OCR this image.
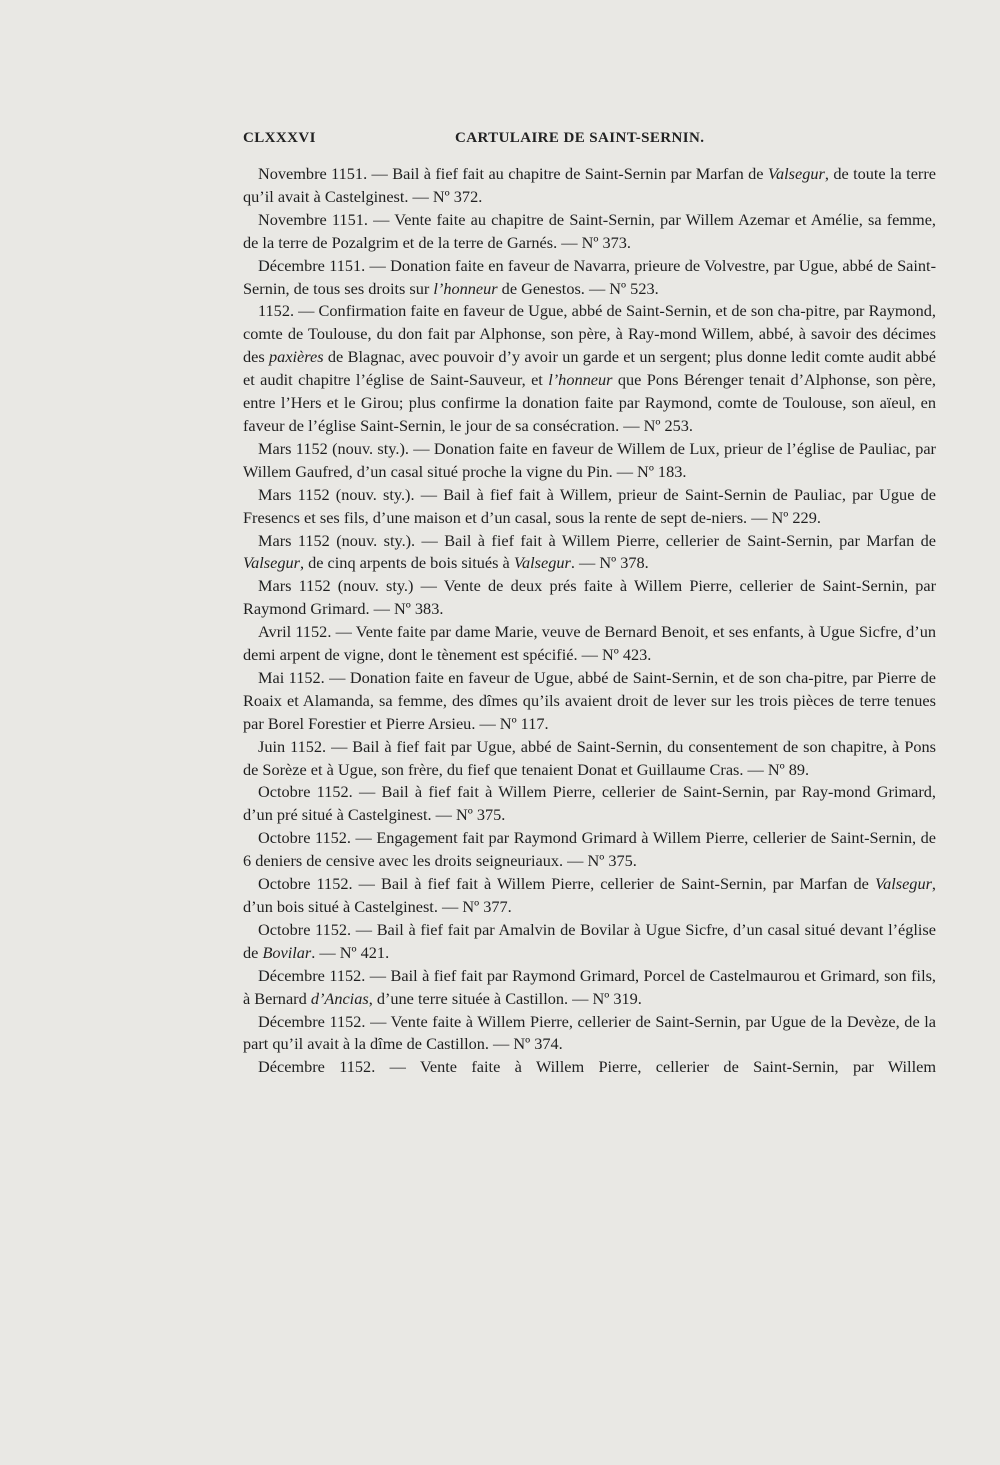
CLXXXVI	CARTULAIRE DE SAINT-SERNIN.

Novembre 1151. — Bail à fief fait au chapitre de Saint-Sernin par Marfan de Valsegur, de toute la terre qu’il avait à Castelginest. — Nº 372.

Novembre 1151. — Vente faite au chapitre de Saint-Sernin, par Willem Azemar et Amélie, sa femme, de la terre de Pozalgrim et de la terre de Garnés. — Nº 373.

Décembre 1151. — Donation faite en faveur de Navarra, prieure de Volvestre, par Ugue, abbé de Saint-Sernin, de tous ses droits sur l’honneur de Genestos. — Nº 523.

1152. — Confirmation faite en faveur de Ugue, abbé de Saint-Sernin, et de son cha-pitre, par Raymond, comte de Toulouse, du don fait par Alphonse, son père, à Ray-mond Willem, abbé, à savoir des décimes des paxières de Blagnac, avec pouvoir d’y avoir un garde et un sergent; plus donne ledit comte audit abbé et audit chapitre l’église de Saint-Sauveur, et l’honneur que Pons Bérenger tenait d’Alphonse, son père, entre l’Hers et le Girou; plus confirme la donation faite par Raymond, comte de Toulouse, son aïeul, en faveur de l’église Saint-Sernin, le jour de sa consécration. — Nº 253.

Mars 1152 (nouv. sty.). — Donation faite en faveur de Willem de Lux, prieur de l’église de Pauliac, par Willem Gaufred, d’un casal situé proche la vigne du Pin. — Nº 183.

Mars 1152 (nouv. sty.). — Bail à fief fait à Willem, prieur de Saint-Sernin de Pauliac, par Ugue de Fresencs et ses fils, d’une maison et d’un casal, sous la rente de sept de-niers. — Nº 229.

Mars 1152 (nouv. sty.). — Bail à fief fait à Willem Pierre, cellerier de Saint-Sernin, par Marfan de Valsegur, de cinq arpents de bois situés à Valsegur. — Nº 378.

Mars 1152 (nouv. sty.) — Vente de deux prés faite à Willem Pierre, cellerier de Saint-Sernin, par Raymond Grimard. — Nº 383.

Avril 1152. — Vente faite par dame Marie, veuve de Bernard Benoit, et ses enfants, à Ugue Sicfre, d’un demi arpent de vigne, dont le tènement est spécifié. — Nº 423.

Mai 1152. — Donation faite en faveur de Ugue, abbé de Saint-Sernin, et de son cha-pitre, par Pierre de Roaix et Alamanda, sa femme, des dîmes qu’ils avaient droit de lever sur les trois pièces de terre tenues par Borel Forestier et Pierre Arsieu. — Nº 117.

Juin 1152. — Bail à fief fait par Ugue, abbé de Saint-Sernin, du consentement de son chapitre, à Pons de Sorèze et à Ugue, son frère, du fief que tenaient Donat et Guillaume Cras. — Nº 89.

Octobre 1152. — Bail à fief fait à Willem Pierre, cellerier de Saint-Sernin, par Ray-mond Grimard, d’un pré situé à Castelginest. — Nº 375.

Octobre 1152. — Engagement fait par Raymond Grimard à Willem Pierre, cellerier de Saint-Sernin, de 6 deniers de censive avec les droits seigneuriaux. — Nº 375.

Octobre 1152. — Bail à fief fait à Willem Pierre, cellerier de Saint-Sernin, par Marfan de Valsegur, d’un bois situé à Castelginest. — Nº 377.

Octobre 1152. — Bail à fief fait par Amalvin de Bovilar à Ugue Sicfre, d’un casal situé devant l’église de Bovilar. — Nº 421.

Décembre 1152. — Bail à fief fait par Raymond Grimard, Porcel de Castelmaurou et Grimard, son fils, à Bernard d’Ancias, d’une terre située à Castillon. — Nº 319.

Décembre 1152. — Vente faite à Willem Pierre, cellerier de Saint-Sernin, par Ugue de la Devèze, de la part qu’il avait à la dîme de Castillon. — Nº 374.

Décembre 1152. — Vente faite à Willem Pierre, cellerier de Saint-Sernin, par Willem
